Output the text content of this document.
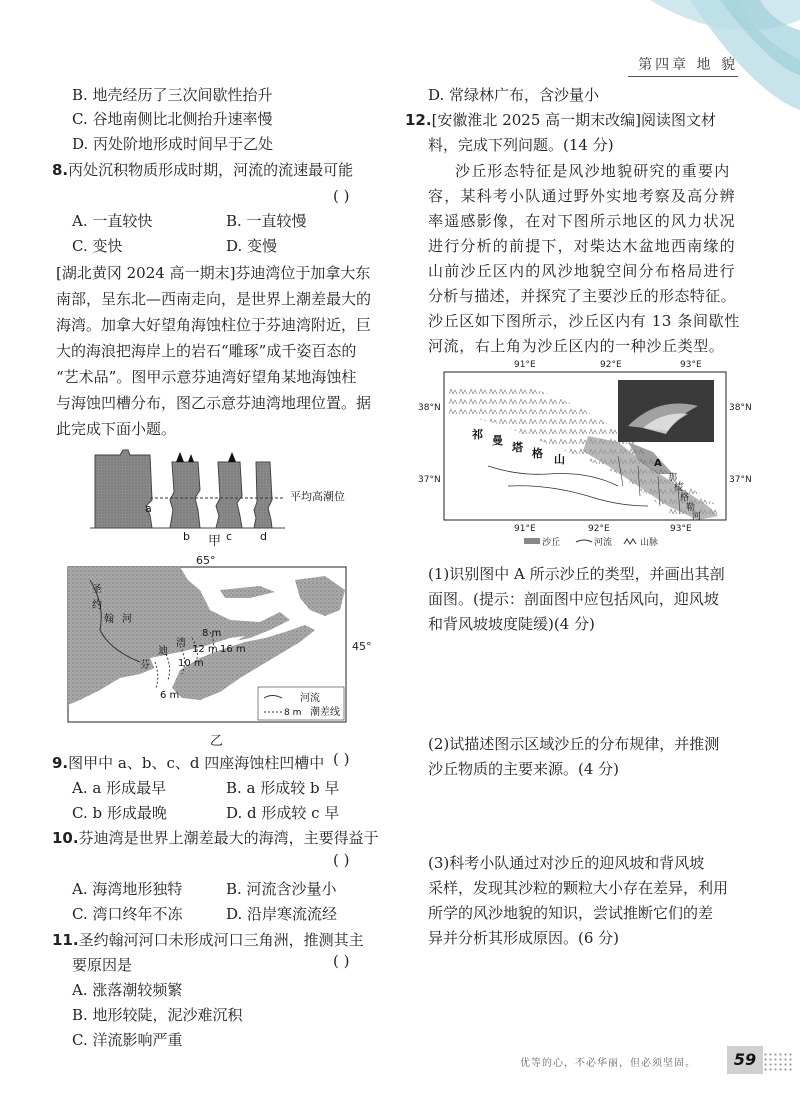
第四章 地 貌
B. 地壳经历了三次间歇性抬升
C. 谷地南侧比北侧抬升速率慢
D. 丙处阶地形成时间早于乙处
8.丙处沉积物质形成时期，河流的流速最可能
( )
A. 一直较快	B. 一直较慢
C. 变快	D. 变慢
[湖北黄冈 2024 高一期末]芬迪湾位于加拿大东
南部，呈东北—西南走向，是世界上潮差最大的
海湾。加拿大好望角海蚀柱位于芬迪湾附近，巨
大的海浪把海岸上的岩石“雕琢”成千姿百态的
“艺术品”。图甲示意芬迪湾好望角某地海蚀柱
与海蚀凹槽分布，图乙示意芬迪湾地理位置。据
此完成下面小题。
a
b	c	d
平均高潮位
甲
65°
圣
约
翰 河
芬
迪
湾
8 m
12 m 16 m
10 m
6 m	河流
8 m 潮差线
45°
乙
9.图甲中 a、b、c、d 四座海蚀柱凹槽中 ( )
A. a 形成最早	B. a 形成较 b 早
C. b 形成最晚	D. d 形成较 c 早
10.芬迪湾是世界上潮差最大的海湾，主要得益于
( )
A. 海湾地形独特	B. 河流含沙量小
C. 湾口终年不冻	D. 沿岸寒流流经
11.圣约翰河河口未形成河口三角洲，推测其主
要原因是	( )
A. 涨落潮较频繁
B. 地形较陡，泥沙难沉积
C. 洋流影响严重
D. 常绿林广布，含沙量小
12.[安徽淮北 2025 高一期末改编]阅读图文材
料，完成下列问题。(14 分)
沙丘形态特征是风沙地貌研究的重要内
容，某科考小队通过野外实地考察及高分辨
率遥感影像，在对下图所示地区的风力状况
进行分析的前提下，对柴达木盆地西南缘的
山前沙丘区内的风沙地貌空间分布格局进行
分析与描述，并探究了主要沙丘的形态特征。
沙丘区如下图所示，沙丘区内有 13 条间歇性
河流，右上角为沙丘区内的一种沙丘类型。
91°E	92°E	93°E
38°N
37°N
38°N
37°N
祁 曼
塔 格 山
那
棱
格
勒
河
A
91°E	92°E	93°E
沙丘	河流	山脉
(1)识别图中 A 所示沙丘的类型，并画出其剖
面图。(提示：剖面图中应包括风向，迎风坡
和背风坡坡度陡缓)(4 分)
(2)试描述图示区域沙丘的分布规律，并推测
沙丘物质的主要来源。(4 分)
(3)科考小队通过对沙丘的迎风坡和背风坡
采样，发现其沙粒的颗粒大小存在差异，利用
所学的风沙地貌的知识，尝试推断它们的差
异并分析其形成原因。(6 分)
优等的心，不必华丽，但必须坚固。	59
